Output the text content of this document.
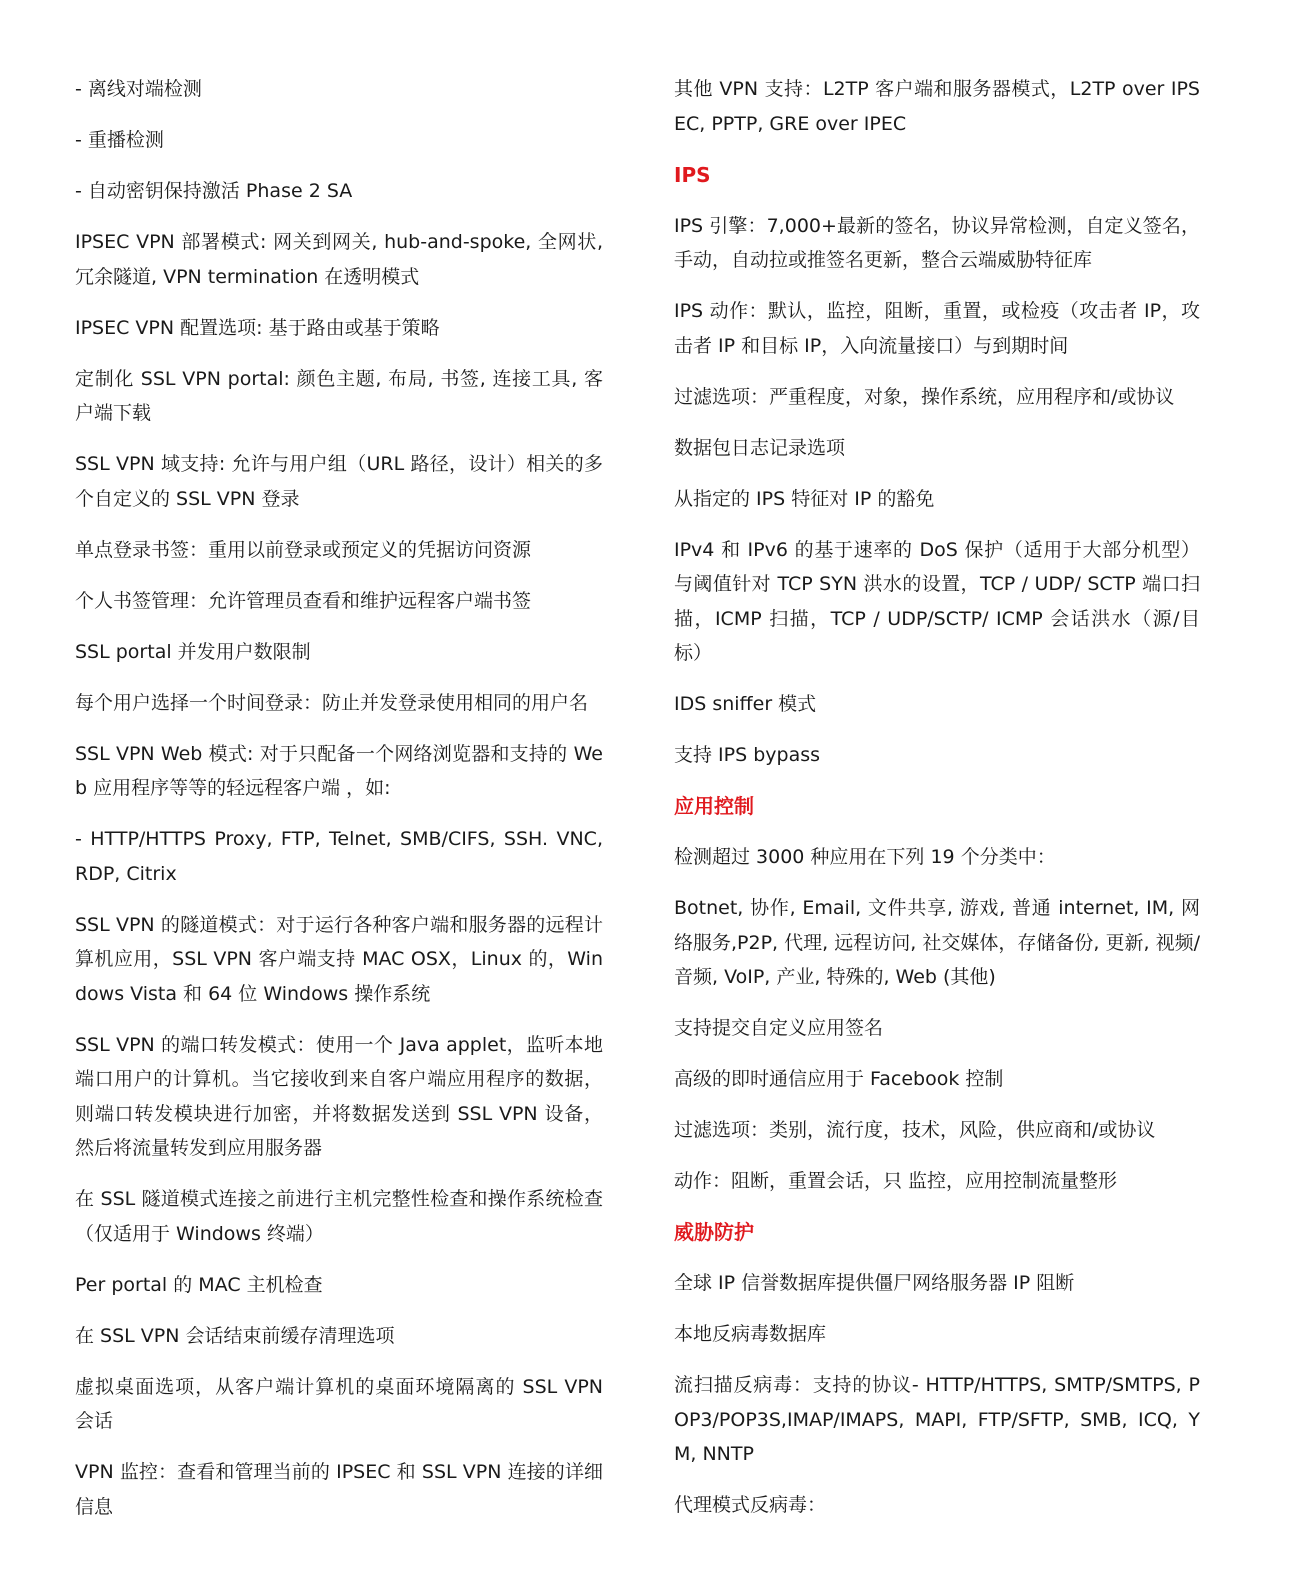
- 离线对端检测

- 重播检测

- 自动密钥保持激活 Phase 2 SA

IPSEC VPN 部署模式: 网关到网关, hub-and-spoke, 全网状,冗余隧道, VPN termination 在透明模式

IPSEC VPN 配置选项: 基于路由或基于策略

定制化 SSL VPN portal: 颜色主题, 布局, 书签, 连接工具, 客户端下载

SSL VPN 域支持: 允许与用户组（URL 路径，设计）相关的多个自定义的 SSL VPN 登录

单点登录书签：重用以前登录或预定义的凭据访问资源

个人书签管理：允许管理员查看和维护远程客户端书签

SSL portal 并发用户数限制

每个用户选择一个时间登录：防止并发登录使用相同的用户名

SSL VPN Web 模式: 对于只配备一个网络浏览器和支持的 Web 应用程序等等的轻远程客户端 ，如:

- HTTP/HTTPS Proxy, FTP, Telnet, SMB/CIFS, SSH. VNC, RDP, Citrix

SSL VPN 的隧道模式：对于运行各种客户端和服务器的远程计算机应用，SSL VPN 客户端支持 MAC OSX，Linux 的，Windows Vista 和 64 位 Windows 操作系统

SSL VPN 的端口转发模式：使用一个 Java applet，监听本地端口用户的计算机。当它接收到来自客户端应用程序的数据，则端口转发模块进行加密，并将数据发送到 SSL VPN 设备，然后将流量转发到应用服务器

在 SSL 隧道模式连接之前进行主机完整性检查和操作系统检查（仅适用于 Windows 终端）

Per portal 的 MAC 主机检查

在 SSL VPN 会话结束前缓存清理选项

虚拟桌面选项，从客户端计算机的桌面环境隔离的 SSL VPN 会话

VPN 监控：查看和管理当前的 IPSEC 和 SSL VPN 连接的详细信息

其他 VPN 支持：L2TP 客户端和服务器模式，L2TP over IPSEC, PPTP, GRE over IPEC

IPS

IPS 引擎：7,000+最新的签名，协议异常检测，自定义签名，手动，自动拉或推签名更新，整合云端威胁特征库

IPS 动作：默认，监控，阻断，重置，或检疫（攻击者 IP，攻击者 IP 和目标 IP，入向流量接口）与到期时间

过滤选项：严重程度，对象，操作系统，应用程序和/或协议

数据包日志记录选项

从指定的 IPS 特征对 IP 的豁免

IPv4 和 IPv6 的基于速率的 DoS 保护（适用于大部分机型）与阈值针对 TCP SYN 洪水的设置，TCP / UDP/ SCTP 端口扫描，ICMP 扫描，TCP / UDP/SCTP/ ICMP 会话洪水（源/目标）

IDS sniffer 模式

支持 IPS bypass

应用控制

检测超过 3000 种应用在下列 19 个分类中：

Botnet, 协作, Email, 文件共享, 游戏, 普通 internet, IM, 网络服务,P2P, 代理, 远程访问, 社交媒体，存储备份, 更新, 视频/音频, VoIP, 产业, 特殊的, Web (其他)

支持提交自定义应用签名

高级的即时通信应用于 Facebook 控制

过滤选项：类别，流行度，技术，风险，供应商和/或协议

动作：阻断，重置会话，只 监控，应用控制流量整形

威胁防护

全球 IP 信誉数据库提供僵尸网络服务器 IP 阻断

本地反病毒数据库

流扫描反病毒：支持的协议- HTTP/HTTPS, SMTP/SMTPS, POP3/POP3S,IMAP/IMAPS, MAPI, FTP/SFTP, SMB, ICQ, YM, NNTP

代理模式反病毒：
